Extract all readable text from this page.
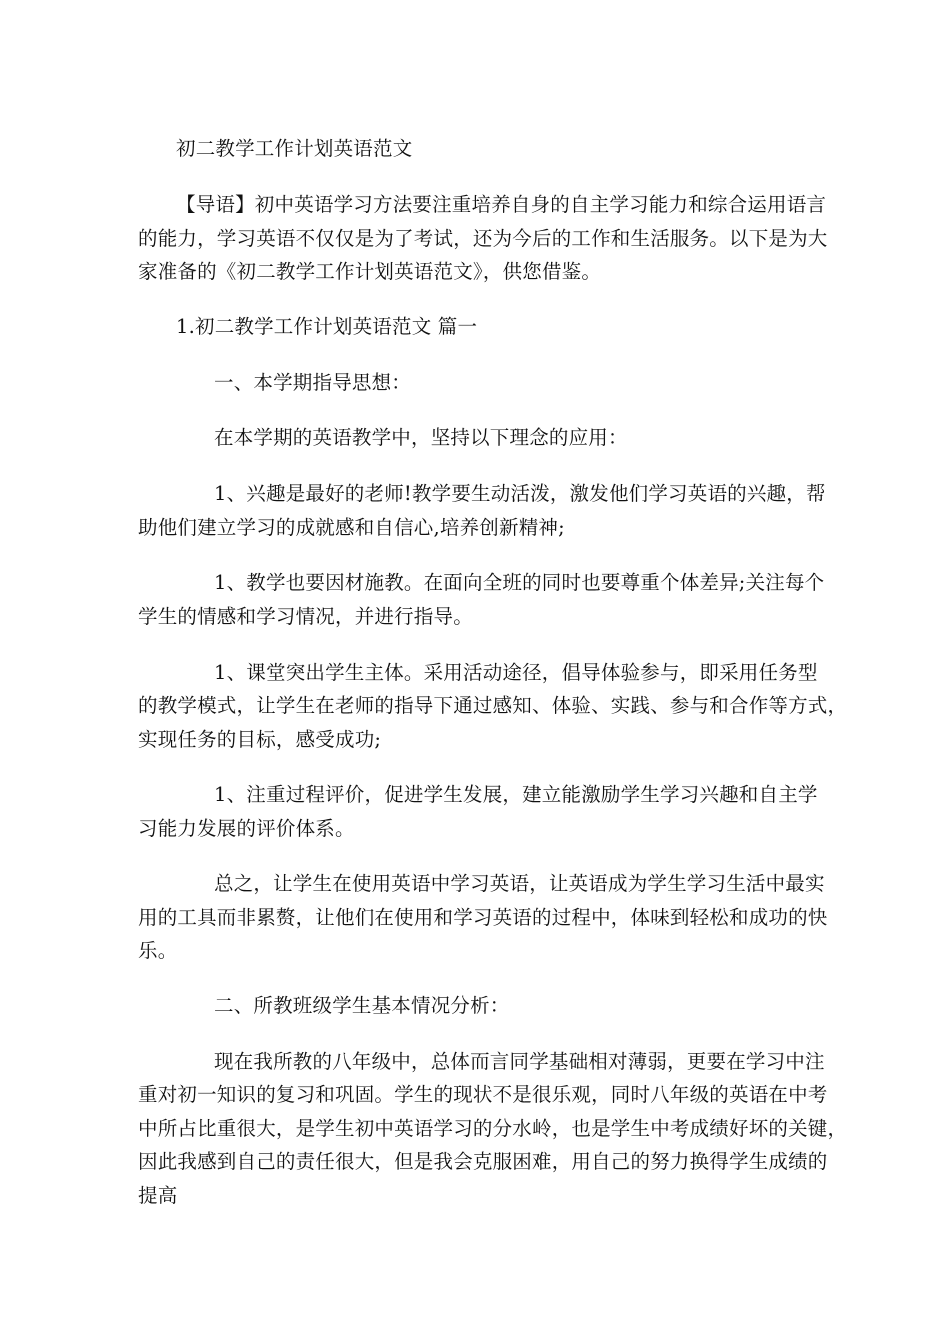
初二教学工作计划英语范文
【导语】初中英语学习方法要注重培养自身的自主学习能力和综合运用语言
的能力，学习英语不仅仅是为了考试，还为今后的工作和生活服务。以下是为大
家准备的《初二教学工作计划英语范文》，供您借鉴。
1.初二教学工作计划英语范文 篇一
一、本学期指导思想：
在本学期的英语教学中，坚持以下理念的应用：
1、兴趣是最好的老师!教学要生动活泼，激发他们学习英语的兴趣，帮
助他们建立学习的成就感和自信心,培养创新精神;
1、教学也要因材施教。在面向全班的同时也要尊重个体差异;关注每个
学生的情感和学习情况，并进行指导。
1、课堂突出学生主体。采用活动途径，倡导体验参与，即采用任务型
的教学模式，让学生在老师的指导下通过感知、体验、实践、参与和合作等方式，
实现任务的目标，感受成功;
1、注重过程评价，促进学生发展，建立能激励学生学习兴趣和自主学
习能力发展的评价体系。
总之，让学生在使用英语中学习英语，让英语成为学生学习生活中最实
用的工具而非累赘，让他们在使用和学习英语的过程中，体味到轻松和成功的快
乐。
二、所教班级学生基本情况分析：
现在我所教的八年级中，总体而言同学基础相对薄弱，更要在学习中注
重对初一知识的复习和巩固。学生的现状不是很乐观，同时八年级的英语在中考
中所占比重很大，是学生初中英语学习的分水岭，也是学生中考成绩好坏的关键，
因此我感到自己的责任很大，但是我会克服困难，用自己的努力换得学生成绩的
提高
